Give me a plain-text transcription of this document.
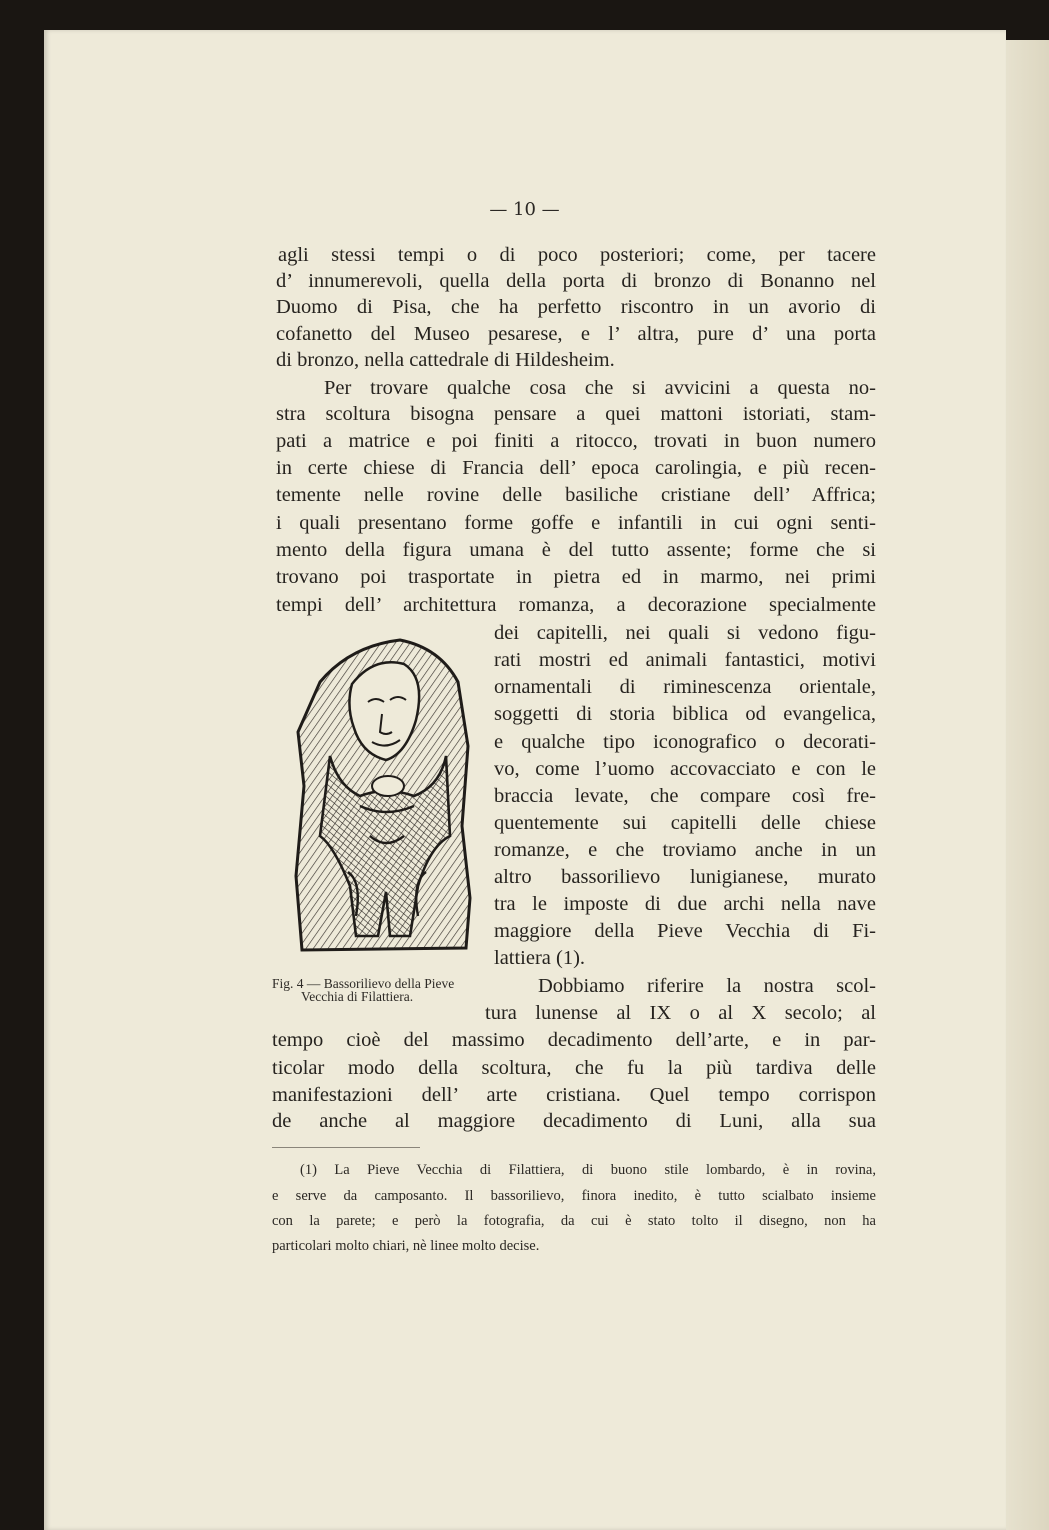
— 10 —

agli stessi tempi o di poco posteriori; come, per tacere

d’ innumerevoli, quella della porta di bronzo di Bonanno nel

Duomo di Pisa, che ha perfetto riscontro in un avorio di

cofanetto del Museo pesarese, e l’ altra, pure d’ una porta

di bronzo, nella cattedrale di Hildesheim.

Per trovare qualche cosa che si avvicini a questa no-

stra scoltura bisogna pensare a quei mattoni istoriati, stam-

pati a matrice e poi finiti a ritocco, trovati in buon numero

in certe chiese di Francia dell’ epoca carolingia, e più recen-

temente nelle rovine delle basiliche cristiane dell’ Affrica;

i quali presentano forme goffe e infantili in cui ogni senti-

mento della figura umana è del tutto assente; forme che si

trovano poi trasportate in pietra ed in marmo, nei primi

tempi dell’ architettura romanza, a decorazione specialmente

dei capitelli, nei quali si vedono figu-

rati mostri ed animali fantastici, motivi

ornamentali di riminescenza orientale,

soggetti di storia biblica od evangelica,

e qualche tipo iconografico o decorati-

vo, come l’uomo accovacciato e con le

braccia levate, che compare così fre-

quentemente sui capitelli delle chiese

romanze, e che troviamo anche in un

altro bassorilievo lunigianese, murato

tra le imposte di due archi nella nave

maggiore della Pieve Vecchia di Fi-

lattiera (1).

Dobbiamo riferire la nostra scol-

tura lunense al IX o al X secolo; al

Fig. 4 — Bassorilievo della Pieve

Vecchia di Filattiera.

tempo cioè del massimo decadimento dell’arte, e in par-

ticolar modo della scoltura, che fu la più tardiva delle

manifestazioni dell’ arte cristiana. Quel tempo corrispon

de anche al maggiore decadimento di Luni, alla sua

(1) La Pieve Vecchia di Filattiera, di buono stile lombardo, è in rovina,

e serve da camposanto. Il bassorilievo, finora inedito, è tutto scialbato insieme

con la parete; e però la fotografia, da cui è stato tolto il disegno, non ha

particolari molto chiari, nè linee molto decise.
